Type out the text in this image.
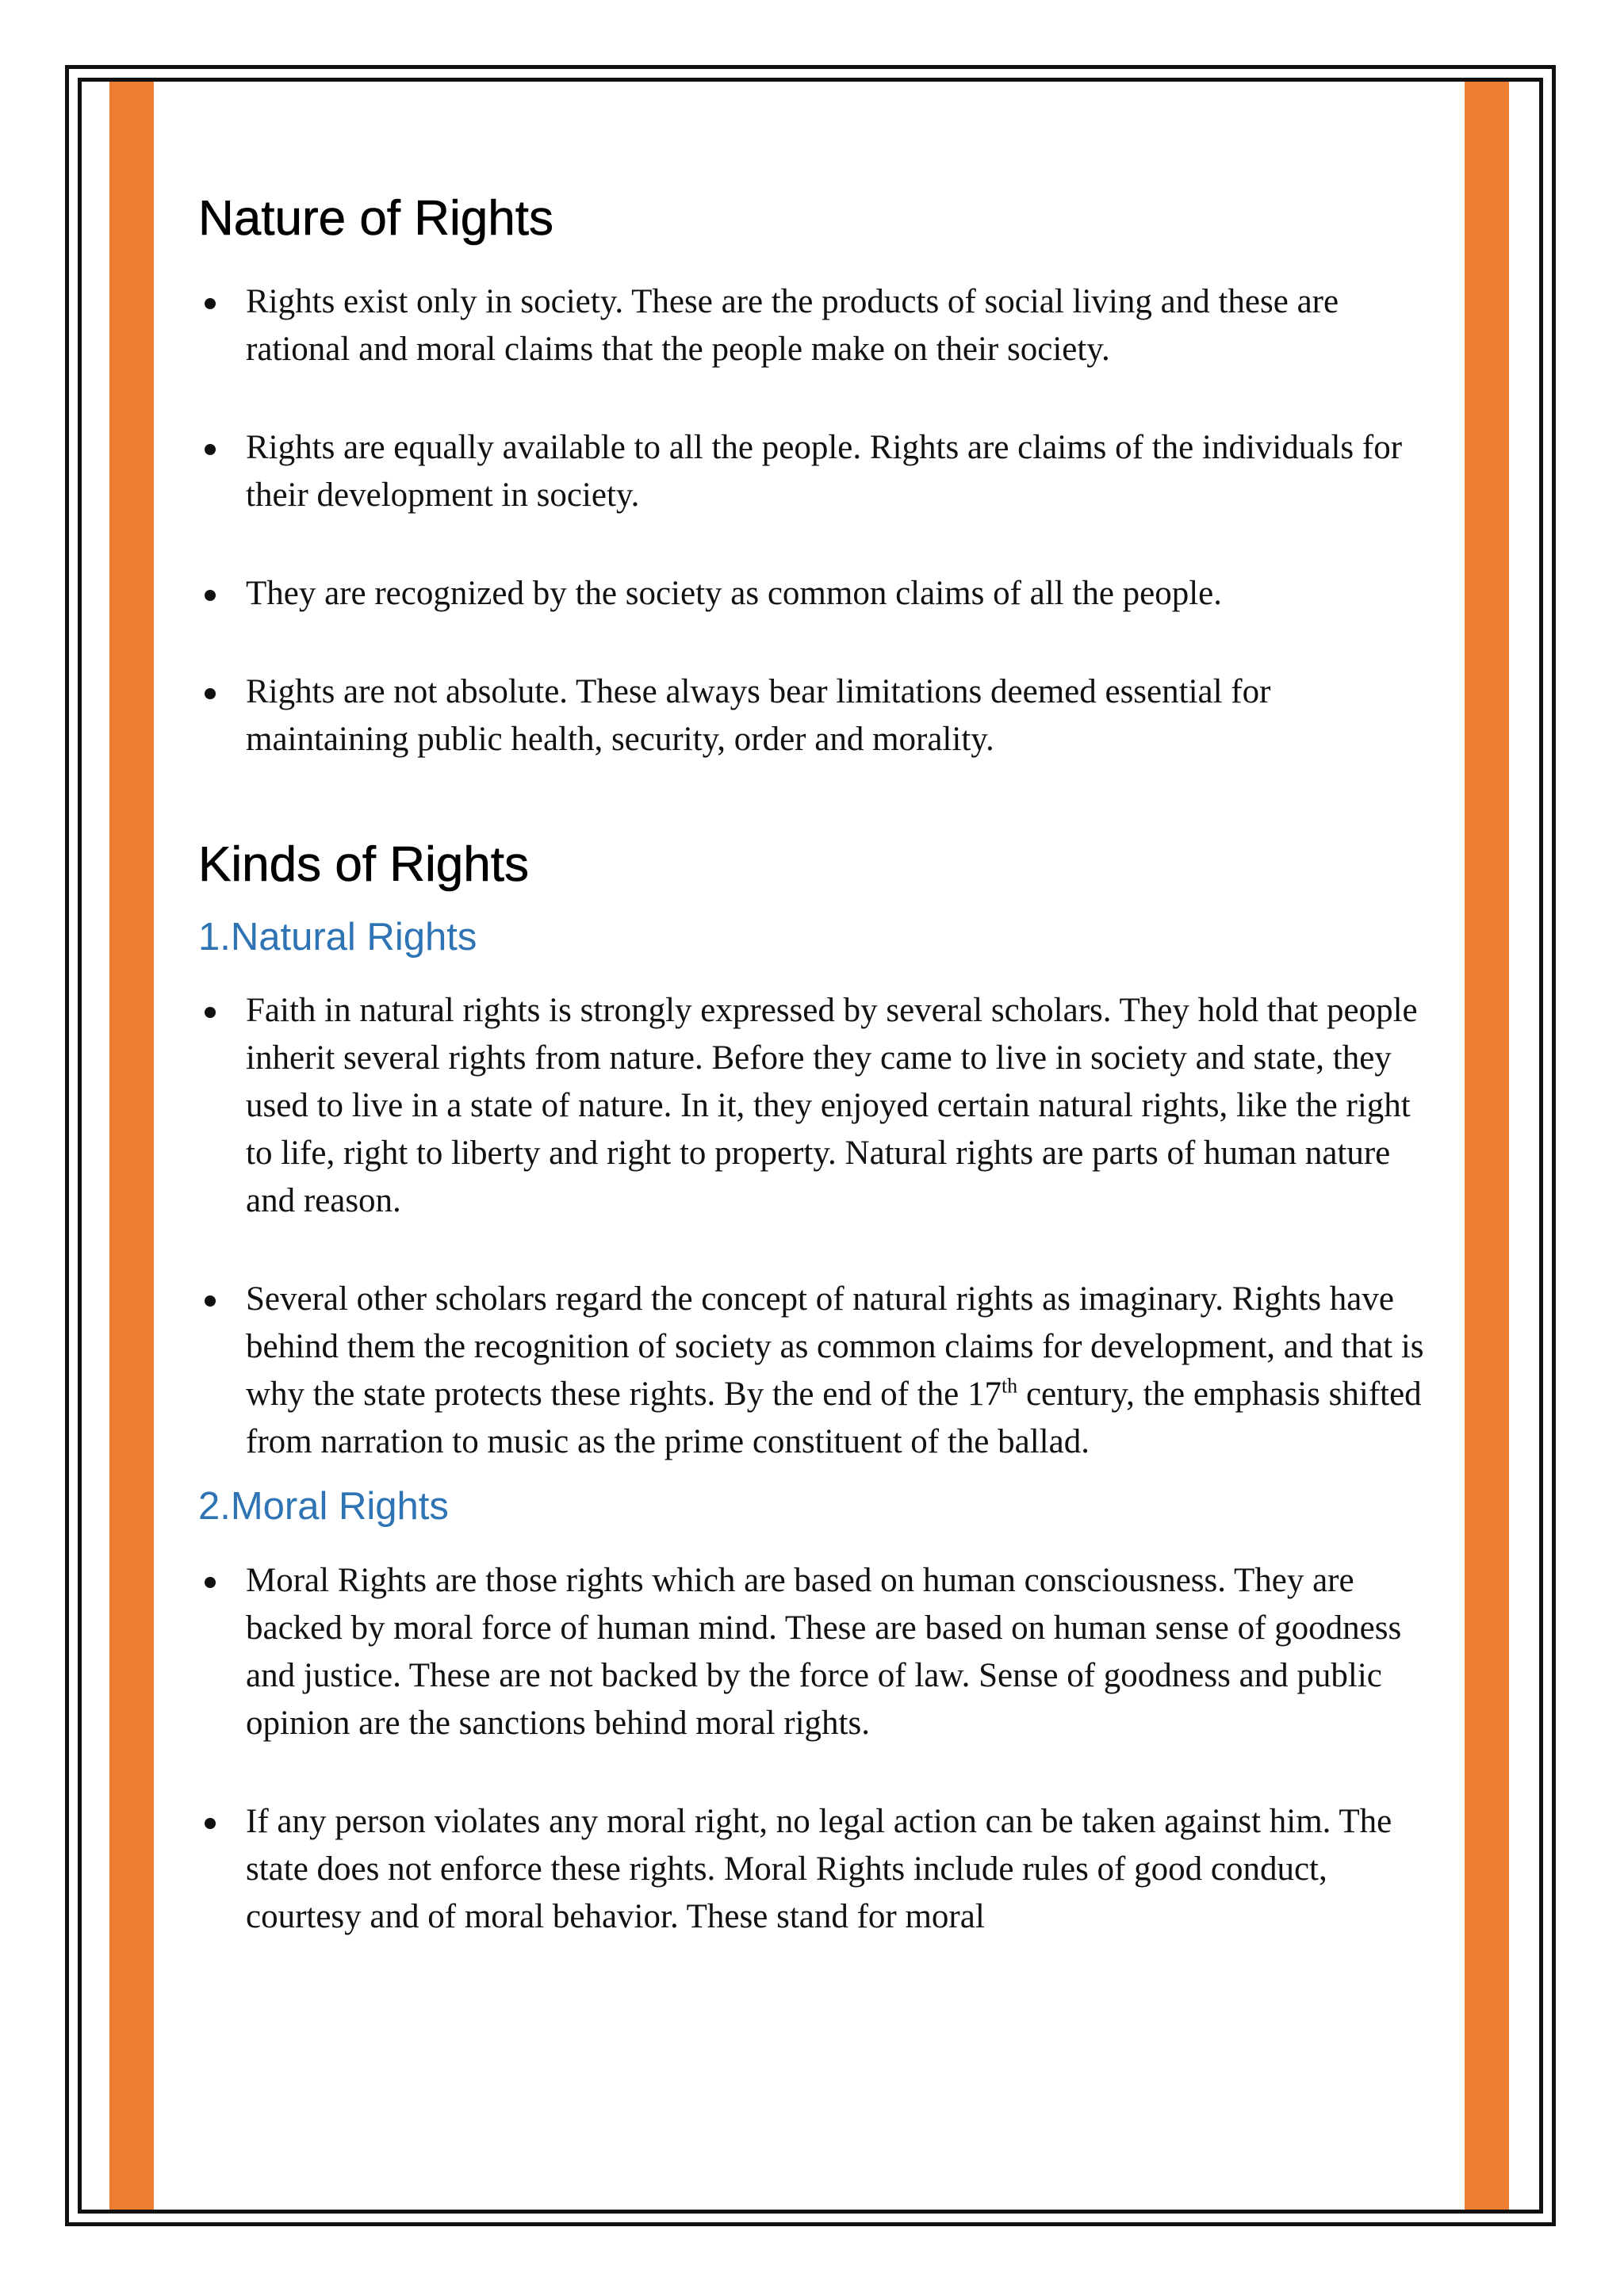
Nature of Rights
Rights exist only in society. These are the products of social living and these are rational and moral claims that the people make on their society.
Rights are equally available to all the people. Rights are claims of the individuals for their development in society.
They are recognized by the society as common claims of all the people.
Rights are not absolute. These always bear limitations deemed essential for maintaining public health, security, order and morality.
Kinds of Rights
1.Natural Rights
Faith in natural rights is strongly expressed by several scholars. They hold that people inherit several rights from nature. Before they came to live in society and state, they used to live in a state of nature. In it, they enjoyed certain natural rights, like the right to life, right to liberty and right to property. Natural rights are parts of human nature and reason.
Several other scholars regard the concept of natural rights as imaginary. Rights have behind them the recognition of society as common claims for development, and that is why the state protects these rights. By the end of the 17th century, the emphasis shifted from narration to music as the prime constituent of the ballad.
2.Moral Rights
Moral Rights are those rights which are based on human consciousness. They are backed by moral force of human mind. These are based on human sense of goodness and justice. These are not backed by the force of law. Sense of goodness and public opinion are the sanctions behind moral rights.
If any person violates any moral right, no legal action can be taken against him. The state does not enforce these rights. Moral Rights include rules of good conduct, courtesy and of moral behavior. These stand for moral
